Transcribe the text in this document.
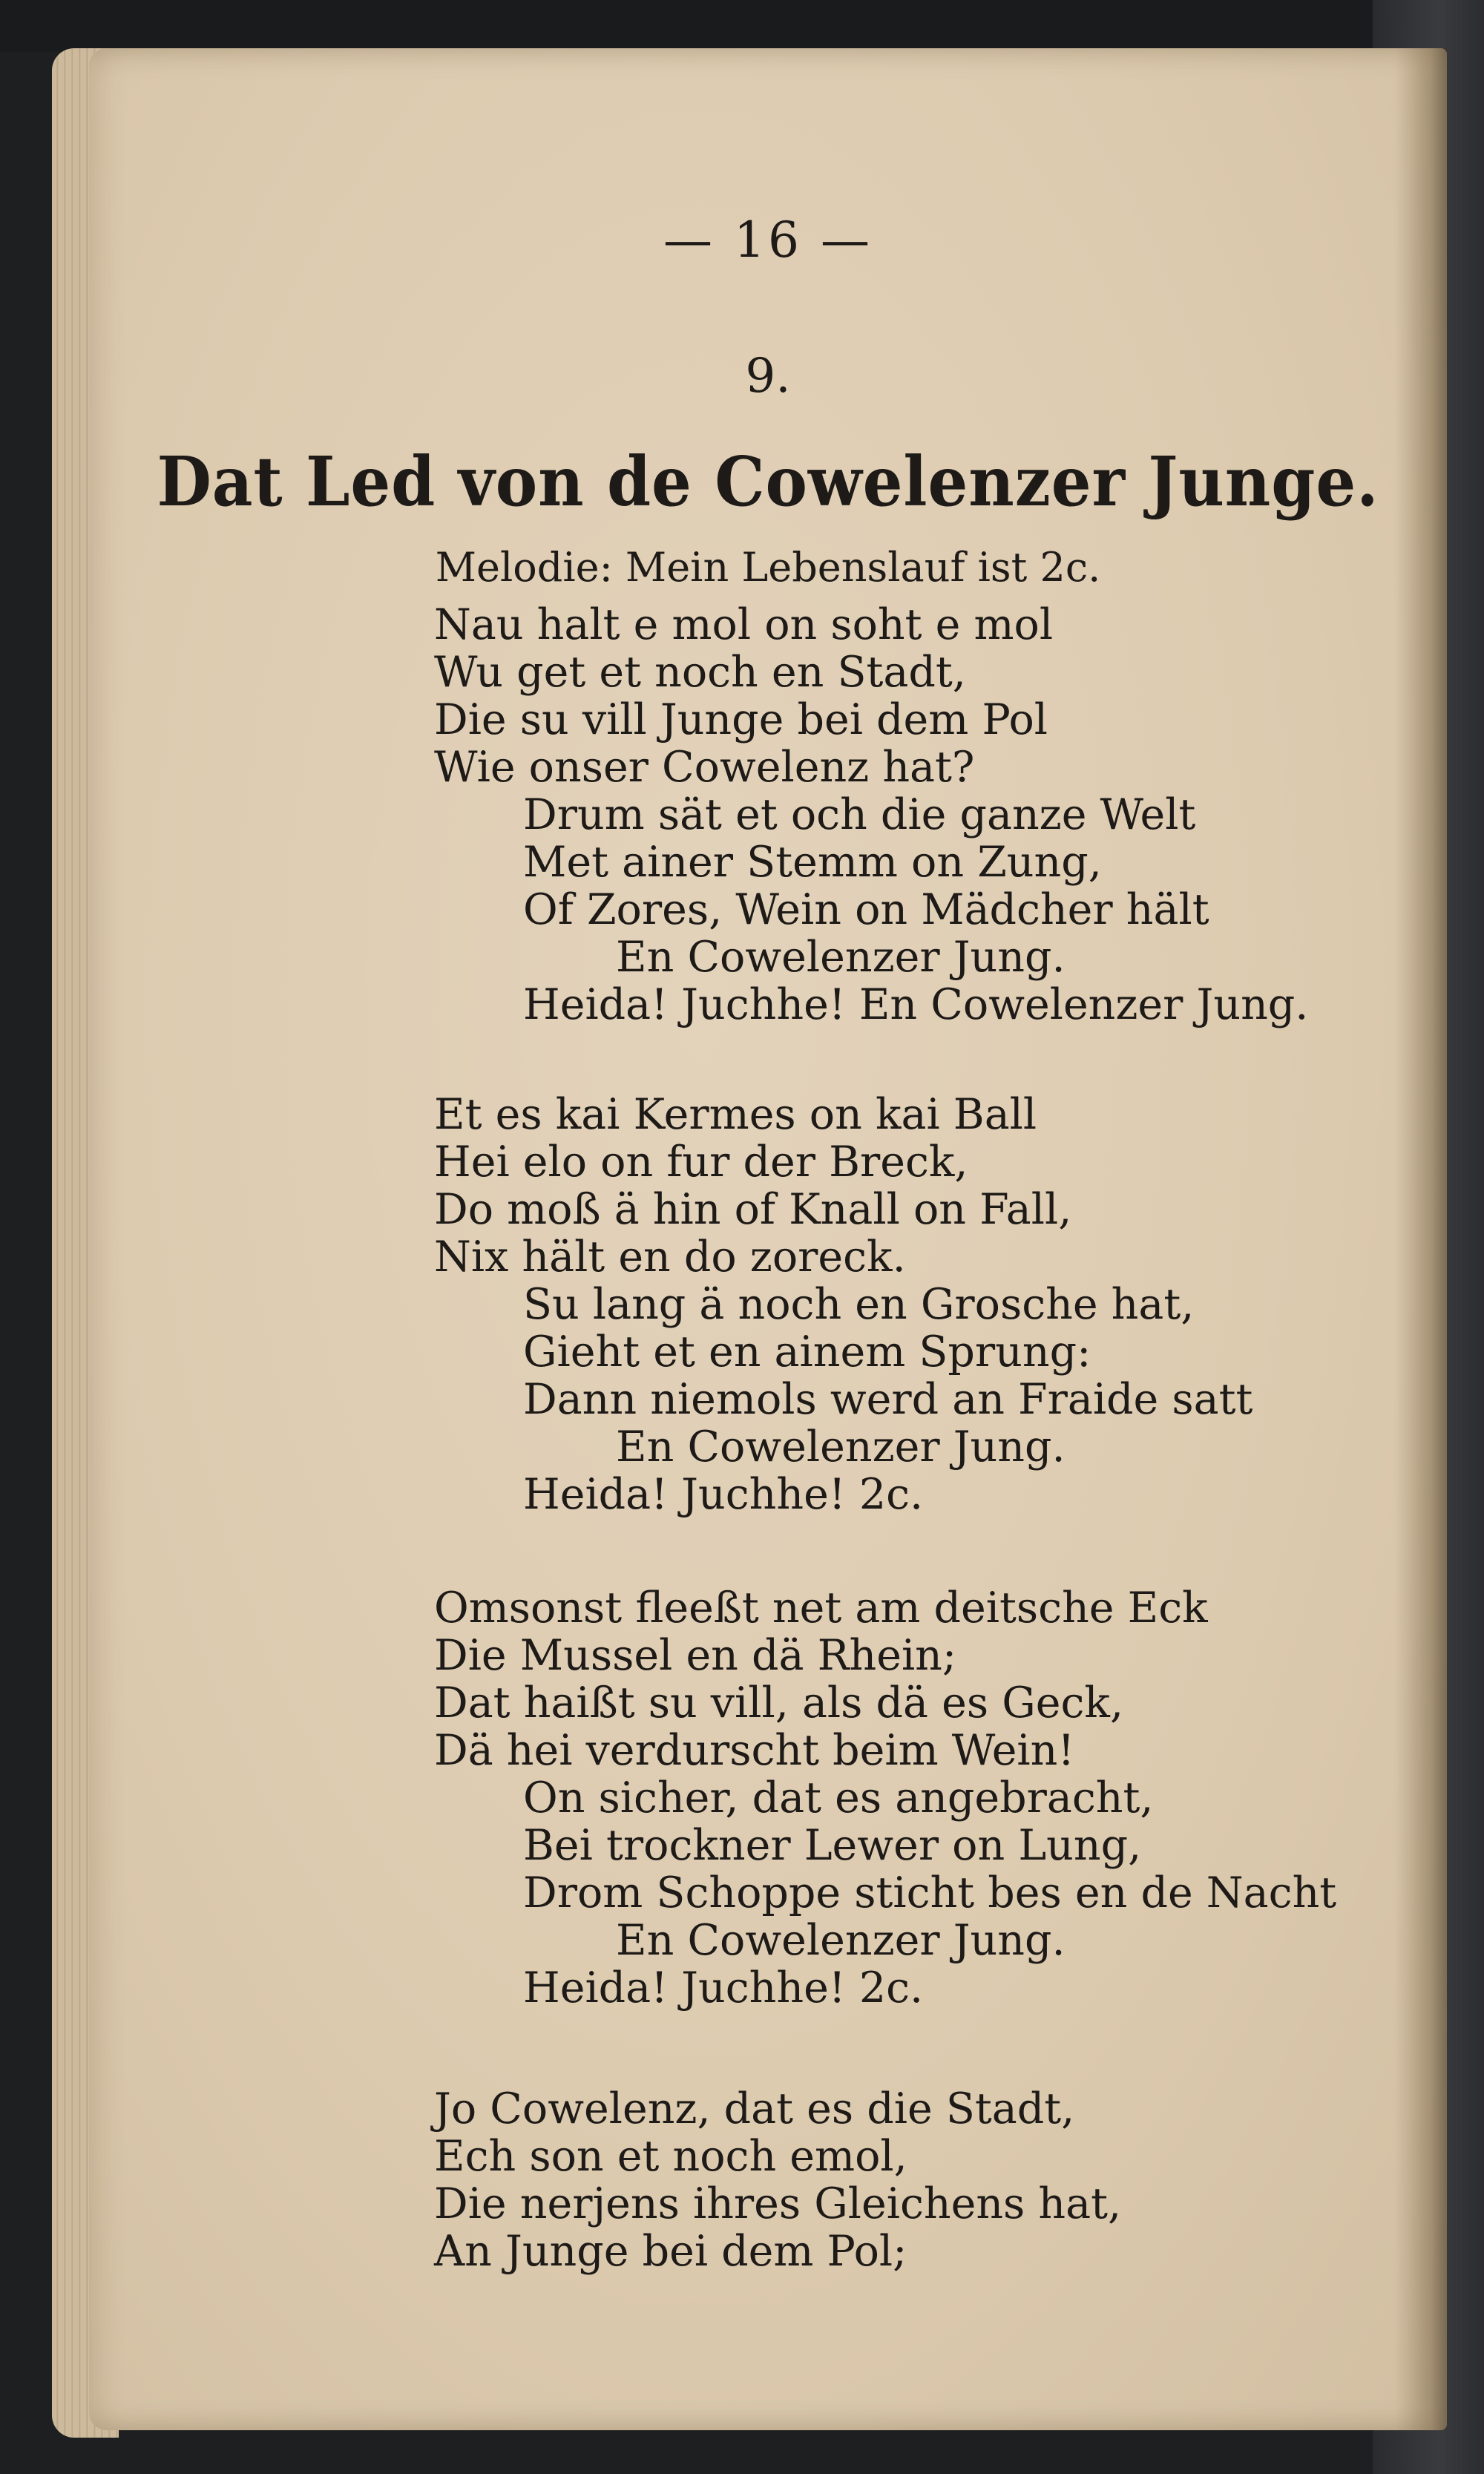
— 16 —
9.
Dat Led von de Cowelenzer Junge.
Melodie: Mein Lebenslauf ist 2c.
Nau halt e mol on soht e mol
Wu get et noch en Stadt,
Die su vill Junge bei dem Pol
Wie onser Cowelenz hat?
Drum sät et och die ganze Welt
Met ainer Stemm on Zung,
Of Zores, Wein on Mädcher hält
En Cowelenzer Jung.
Heida! Juchhe! En Cowelenzer Jung.
Et es kai Kermes on kai Ball
Hei elo on fur der Breck,
Do moß ä hin of Knall on Fall,
Nix hält en do zoreck.
Su lang ä noch en Grosche hat,
Gieht et en ainem Sprung:
Dann niemols werd an Fraide satt
En Cowelenzer Jung.
Heida! Juchhe! 2c.
Omsonst fleeßt net am deitsche Eck
Die Mussel en dä Rhein;
Dat haißt su vill, als dä es Geck,
Dä hei verdurscht beim Wein!
On sicher, dat es angebracht,
Bei trockner Lewer on Lung,
Drom Schoppe sticht bes en de Nacht
En Cowelenzer Jung.
Heida! Juchhe! 2c.
Jo Cowelenz, dat es die Stadt,
Ech son et noch emol,
Die nerjens ihres Gleichens hat,
An Junge bei dem Pol;
